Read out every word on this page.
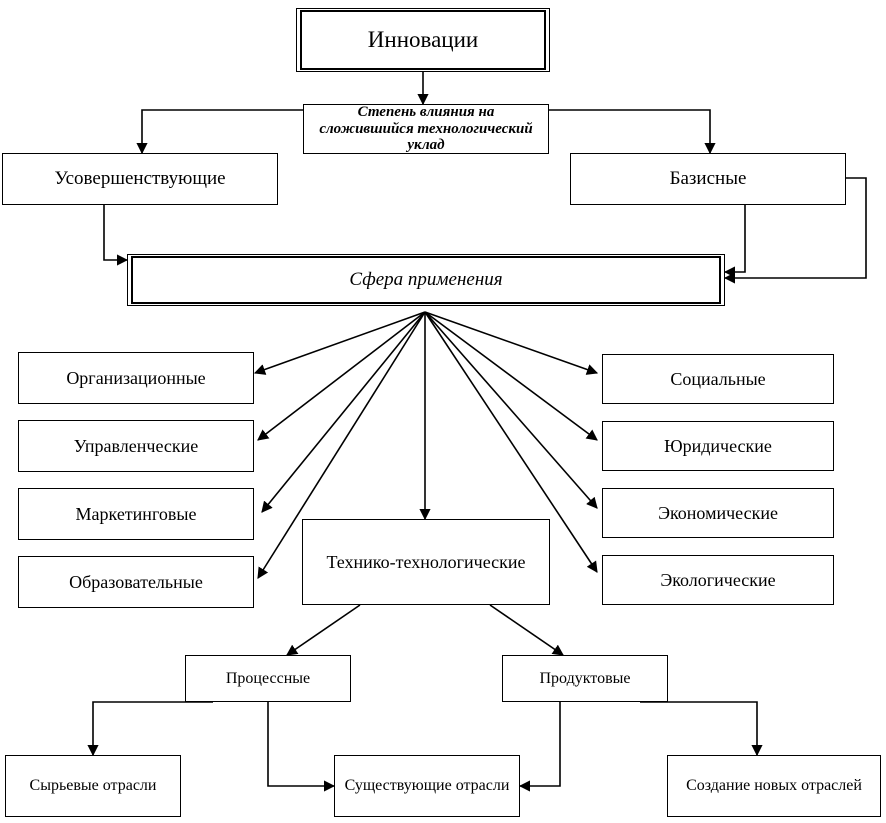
Инновации
Степень влияния на сложившийся технологический уклад
Усовершенствующие	Базисные
Сфера применения
Организационные
Управленческие
Маркетинговые
Образовательные
Социальные
Юридические
Экономические
Экологические
Технико-технологические
Процессные	Продуктовые
Сырьевые отрасли	Существующие отрасли	Создание новых отраслей
